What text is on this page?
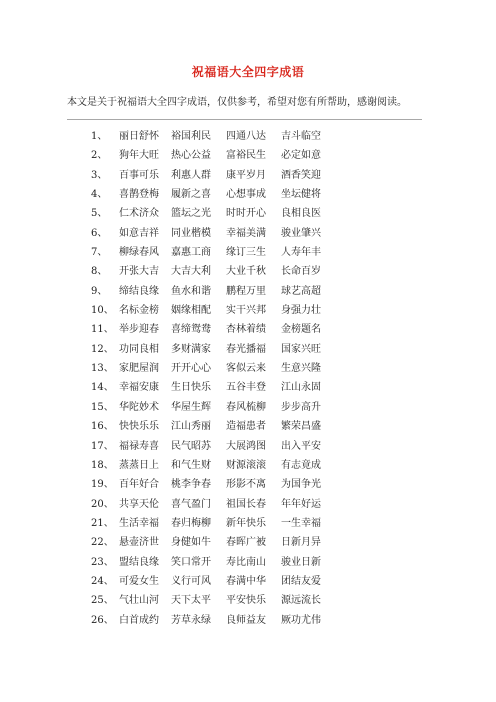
祝福语大全四字成语

本文是关于祝福语大全四字成语，仅供参考，希望对您有所帮助，感谢阅读。

1、	丽日舒怀	裕国利民	四通八达	吉斗临空
2、	狗年大旺	热心公益	富裕民生	必定如意
3、	百事可乐	利惠人群	康平岁月	酒香笑迎
4、	喜鹊登梅	履新之喜	心想事成	坐坛健将
5、	仁术济众	篮坛之光	时时开心	良相良医
6、	如意吉祥	同业楷模	幸福美满	骏业肇兴
7、	柳绿春风	嘉惠工商	缘订三生	人寿年丰
8、	开张大吉	大吉大利	大业千秋	长命百岁
9、	缔结良缘	鱼水和谐	鹏程万里	球艺高超
10、 名标金榜	姻缘相配	实干兴邦	身强力壮
11、 举步迎春	喜缔鸳鸯	杏林着绩	金榜题名
12、 功同良相	多财满家	春光播福	国家兴旺
13、 家肥屋润	开开心心	客似云来	生意兴隆
14、 幸福安康	生日快乐	五谷丰登	江山永固
15、 华陀妙术	华屋生辉	春风梳柳	步步高升
16、 快快乐乐	江山秀丽	造福患者	繁荣昌盛
17、 福禄寿喜	民气昭苏	大展鸿图	出入平安
18、 蒸蒸日上	和气生财	财源滚滚	有志竟成
19、 百年好合	桃李争春	形影不离	为国争光
20、 共享天伦	喜气盈门	祖国长春	年年好运
21、 生活幸福	春归梅柳	新年快乐	一生幸福
22、 悬壶济世	身健如牛	春晖广被	日新月异
23、 盟结良缘	笑口常开	寿比南山	骏业日新
24、 可爱女生	义行可风	春满中华	团结友爱
25、 气壮山河	天下太平	平安快乐	源远流长
26、 白首成约	芳草永绿	良师益友	厥功尤伟
